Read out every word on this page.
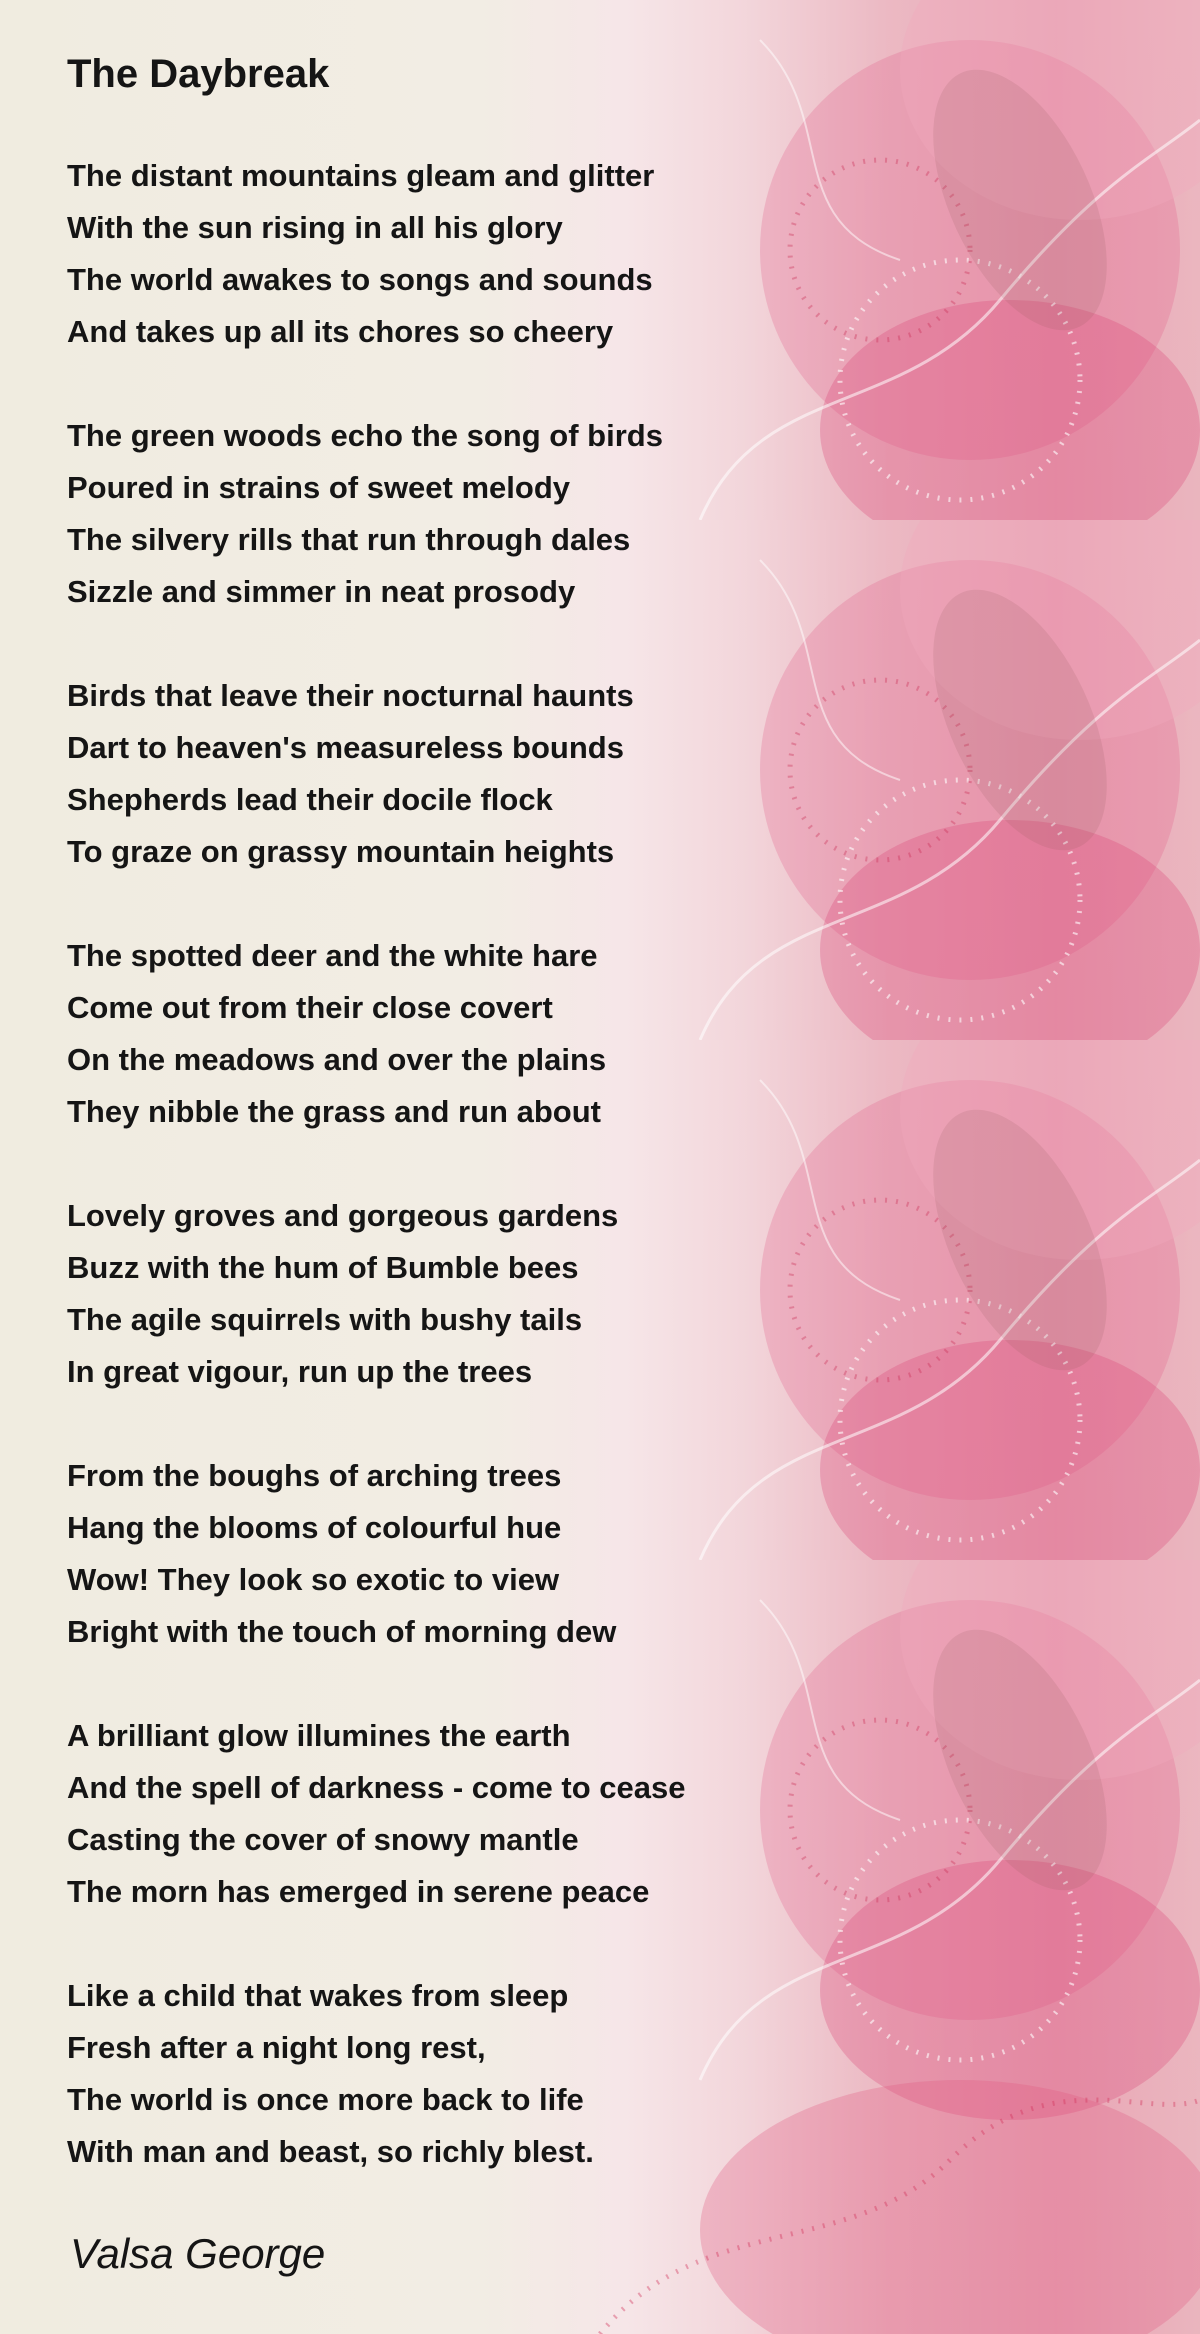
The Daybreak
The distant mountains gleam and glitter
With the sun rising in all his glory
The world awakes to songs and sounds
And takes up all its chores so cheery
The green woods echo the song of birds
Poured in strains of sweet melody
The silvery rills that run through dales
Sizzle and simmer in neat prosody
Birds that leave their nocturnal haunts
Dart to heaven's measureless bounds
Shepherds lead their docile flock
To graze on grassy mountain heights
The spotted deer and the white hare
Come out from their close covert
On the meadows and over the plains
They nibble the grass and run about
Lovely groves and gorgeous gardens
Buzz with the hum of Bumble bees
The agile squirrels with bushy tails
In great vigour, run up the trees
From the boughs of arching trees
Hang the blooms of colourful hue
Wow! They look so exotic to view
Bright with the touch of morning dew
A brilliant glow illumines the earth
And the spell of darkness - come to cease
Casting the cover of snowy mantle
The morn has emerged in serene peace
Like a child that wakes from sleep
Fresh after a night long rest,
The world is once more back to life
With man and beast, so richly blest.
Valsa George
